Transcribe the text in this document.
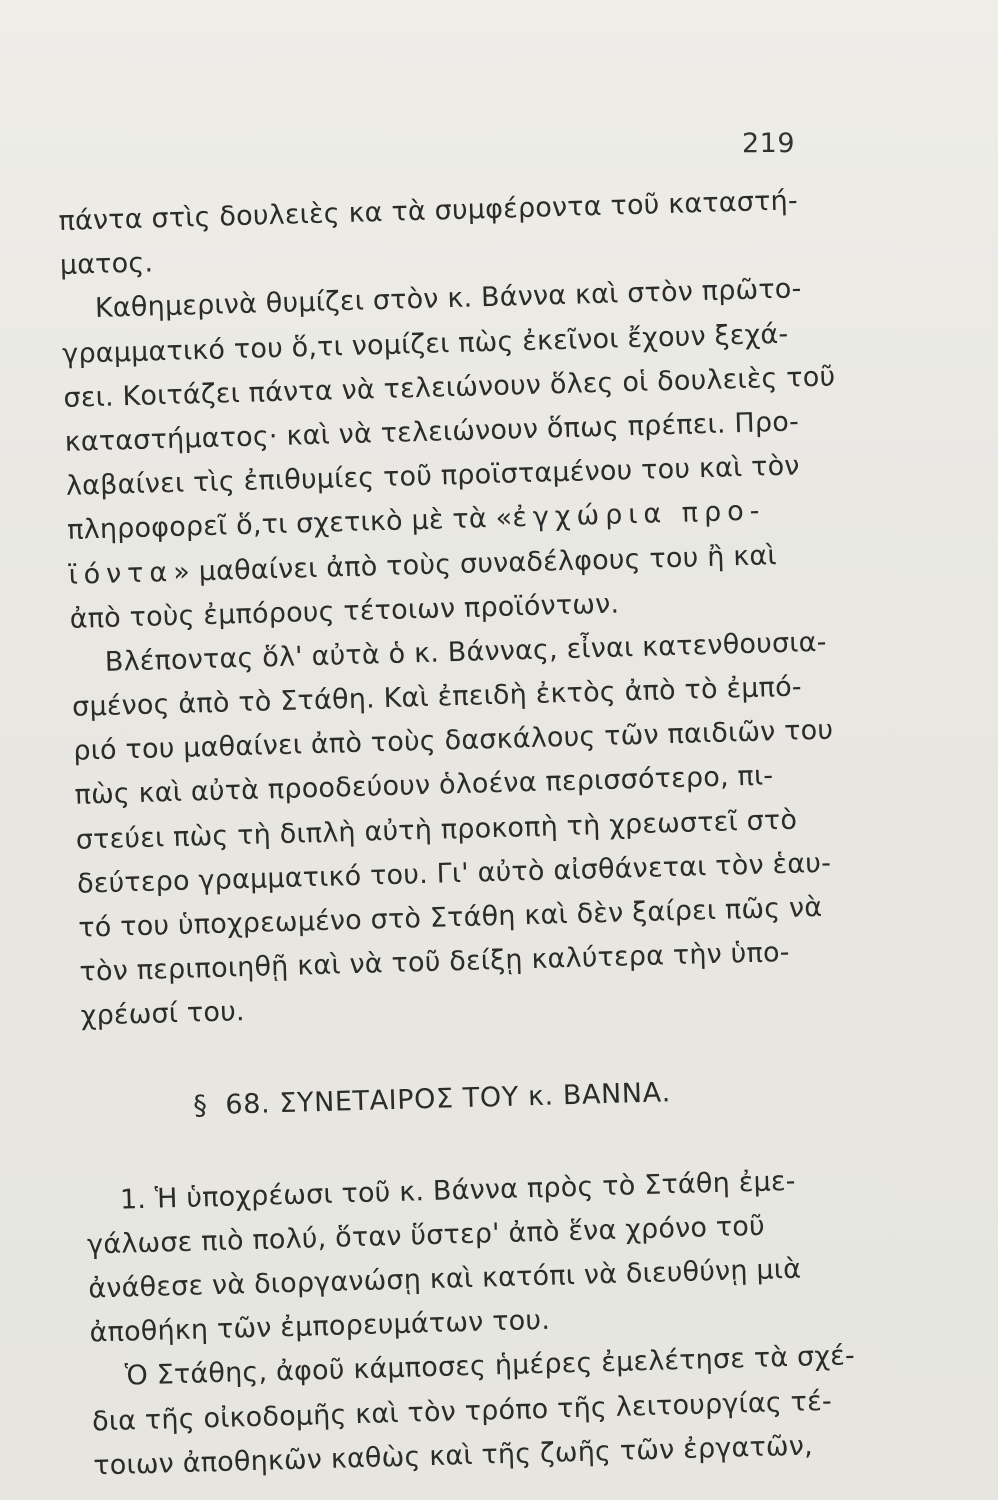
219
πάντα στὶς δουλειὲς κα τὰ συμφέροντα τοῦ καταστή-
ματος.
Καθημερινὰ θυμίζει στὸν κ. Βάννα καὶ στὸν πρῶτο-
γραμματικό του ὅ,τι νομίζει πὼς ἐκεῖνοι ἔχουν ξεχά-
σει. Κοιτάζει πάντα νὰ τελειώνουν ὅλες οἱ δουλειὲς τοῦ
καταστήματος· καὶ νὰ τελειώνουν ὅπως πρέπει. Προ-
λαβαίνει τὶς ἐπιθυμίες τοῦ προϊσταμένου του καὶ τὸν
πληροφορεῖ ὅ,τι σχετικὸ μὲ τὰ «ἐγχώρια προ-
ϊόντα» μαθαίνει ἀπὸ τοὺς συναδέλφους του ἢ καὶ
ἀπὸ τοὺς ἐμπόρους τέτοιων προϊόντων.
Βλέποντας ὅλ' αὐτὰ ὁ κ. Βάννας, εἶναι κατενθουσια-
σμένος ἀπὸ τὸ Στάθη. Καὶ ἐπειδὴ ἐκτὸς ἀπὸ τὸ ἐμπό-
ριό του μαθαίνει ἀπὸ τοὺς δασκάλους τῶν παιδιῶν του
πὼς καὶ αὐτὰ προοδεύουν ὁλοένα περισσότερο, πι-
στεύει πὼς τὴ διπλὴ αὐτὴ προκοπὴ τὴ χρεωστεῖ στὸ
δεύτερο γραμματικό του. Γι' αὐτὸ αἰσθάνεται τὸν ἑαυ-
τό του ὑποχρεωμένο στὸ Στάθη καὶ δὲν ξαίρει πῶς νὰ
τὸν περιποιηθῇ καὶ νὰ τοῦ δείξῃ καλύτερα τὴν ὑπο-
χρέωσί του.
§ 68. ΣΥΝΕΤΑΙΡΟΣ ΤΟΥ κ. ΒΑΝΝΑ.
1. Ἡ ὑποχρέωσι τοῦ κ. Βάννα πρὸς τὸ Στάθη ἐμε-
γάλωσε πιὸ πολύ, ὅταν ὕστερ' ἀπὸ ἕνα χρόνο τοῦ
ἀνάθεσε νὰ διοργανώσῃ καὶ κατόπι νὰ διευθύνῃ μιὰ
ἀποθήκη τῶν ἐμπορευμάτων του.
Ὁ Στάθης, ἀφοῦ κάμποσες ἡμέρες ἐμελέτησε τὰ σχέ-
δια τῆς οἰκοδομῆς καὶ τὸν τρόπο τῆς λειτουργίας τέ-
τοιων ἀποθηκῶν καθὼς καὶ τῆς ζωῆς τῶν ἐργατῶν,
